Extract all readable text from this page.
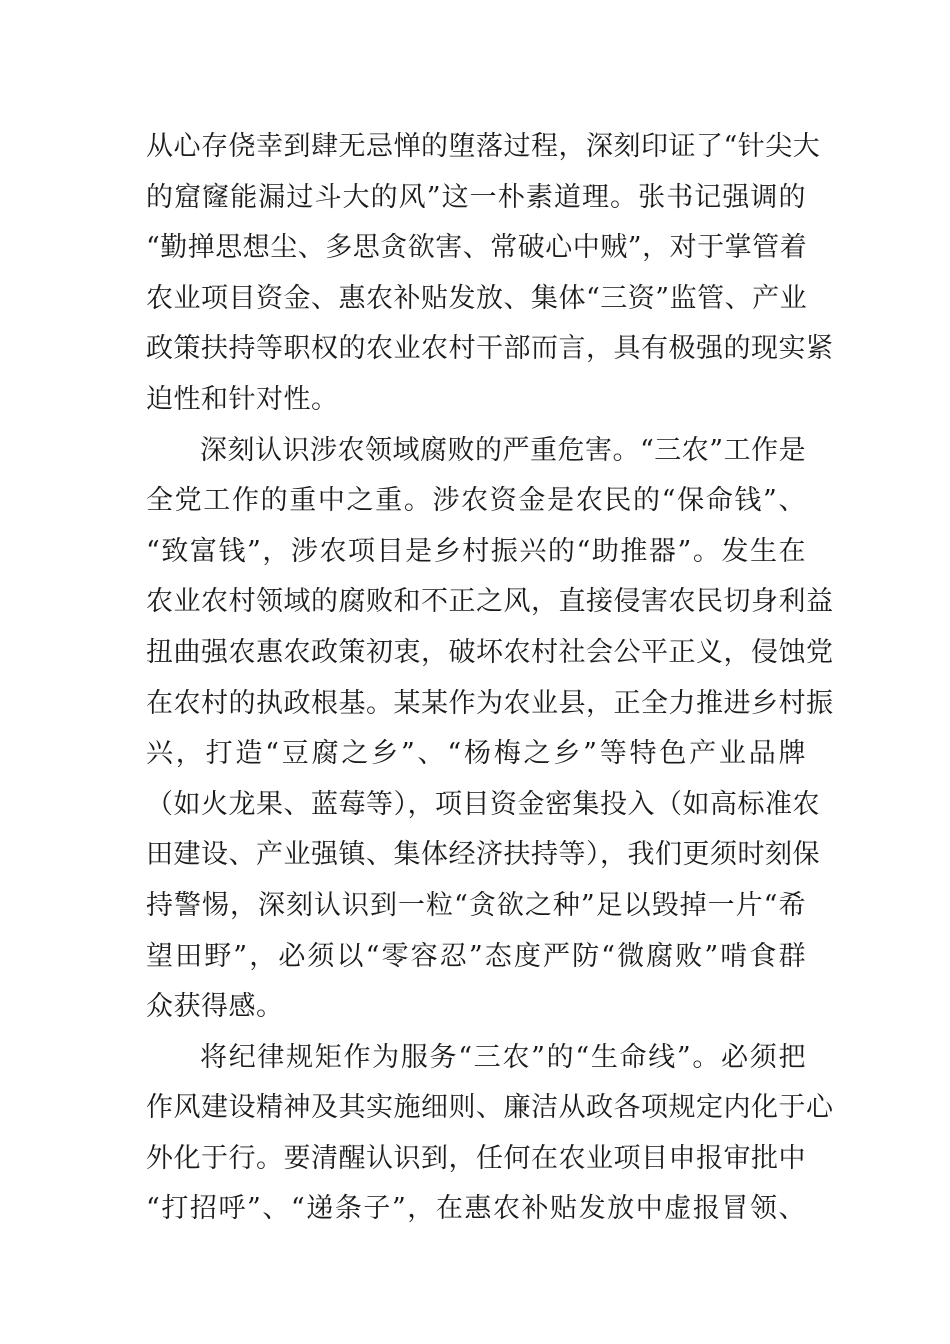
从心存侥幸到肆无忌惮的堕落过程，深刻印证了“针尖大
的窟窿能漏过斗大的风”这一朴素道理。张书记强调的
“勤掸思想尘、多思贪欲害、常破心中贼”，对于掌管着
农业项目资金、惠农补贴发放、集体“三资”监管、产业
政策扶持等职权的农业农村干部而言，具有极强的现实紧
迫性和针对性。
深刻认识涉农领域腐败的严重危害。“三农”工作是
全党工作的重中之重。涉农资金是农民的“保命钱”、
“致富钱”，涉农项目是乡村振兴的“助推器”。发生在
农业农村领域的腐败和不正之风，直接侵害农民切身利益
扭曲强农惠农政策初衷，破坏农村社会公平正义，侵蚀党
在农村的执政根基。某某作为农业县，正全力推进乡村振
兴，打造“豆腐之乡”、“杨梅之乡”等特色产业品牌
（如火龙果、蓝莓等），项目资金密集投入（如高标准农
田建设、产业强镇、集体经济扶持等），我们更须时刻保
持警惕，深刻认识到一粒“贪欲之种”足以毁掉一片“希
望田野”，必须以“零容忍”态度严防“微腐败”啃食群
众获得感。
将纪律规矩作为服务“三农”的“生命线”。必须把
作风建设精神及其实施细则、廉洁从政各项规定内化于心
外化于行。要清醒认识到，任何在农业项目申报审批中
“打招呼”、“递条子”，在惠农补贴发放中虚报冒领、
